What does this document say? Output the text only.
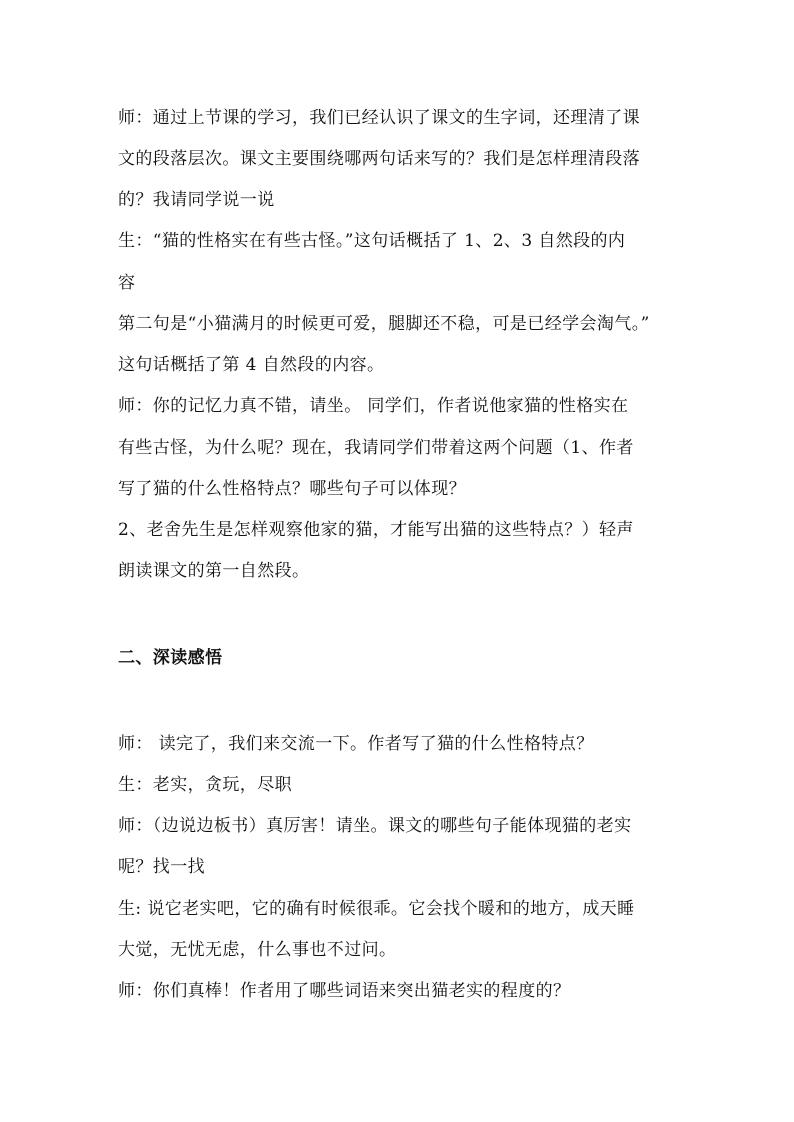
师：通过上节课的学习，我们已经认识了课文的生字词，还理清了课
文的段落层次。课文主要围绕哪两句话来写的？我们是怎样理清段落
的？我请同学说一说
生：“猫的性格实在有些古怪。”这句话概括了 1、2、3 自然段的内
容
第二句是“小猫满月的时候更可爱，腿脚还不稳，可是已经学会淘气。”
这句话概括了第 4 自然段的内容。
师：你的记忆力真不错，请坐。 同学们，作者说他家猫的性格实在
有些古怪，为什么呢？现在，我请同学们带着这两个问题（1、作者
写了猫的什么性格特点？哪些句子可以体现？
2、老舍先生是怎样观察他家的猫，才能写出猫的这些特点？）轻声
朗读课文的第一自然段。
二、深读感悟
师： 读完了，我们来交流一下。作者写了猫的什么性格特点？
生：老实，贪玩，尽职
师：（边说边板书）真厉害！请坐。课文的哪些句子能体现猫的老实
呢？找一找
生: 说它老实吧，它的确有时候很乖。它会找个暖和的地方，成天睡
大觉，无忧无虑，什么事也不过问。
师：你们真棒！作者用了哪些词语来突出猫老实的程度的？
